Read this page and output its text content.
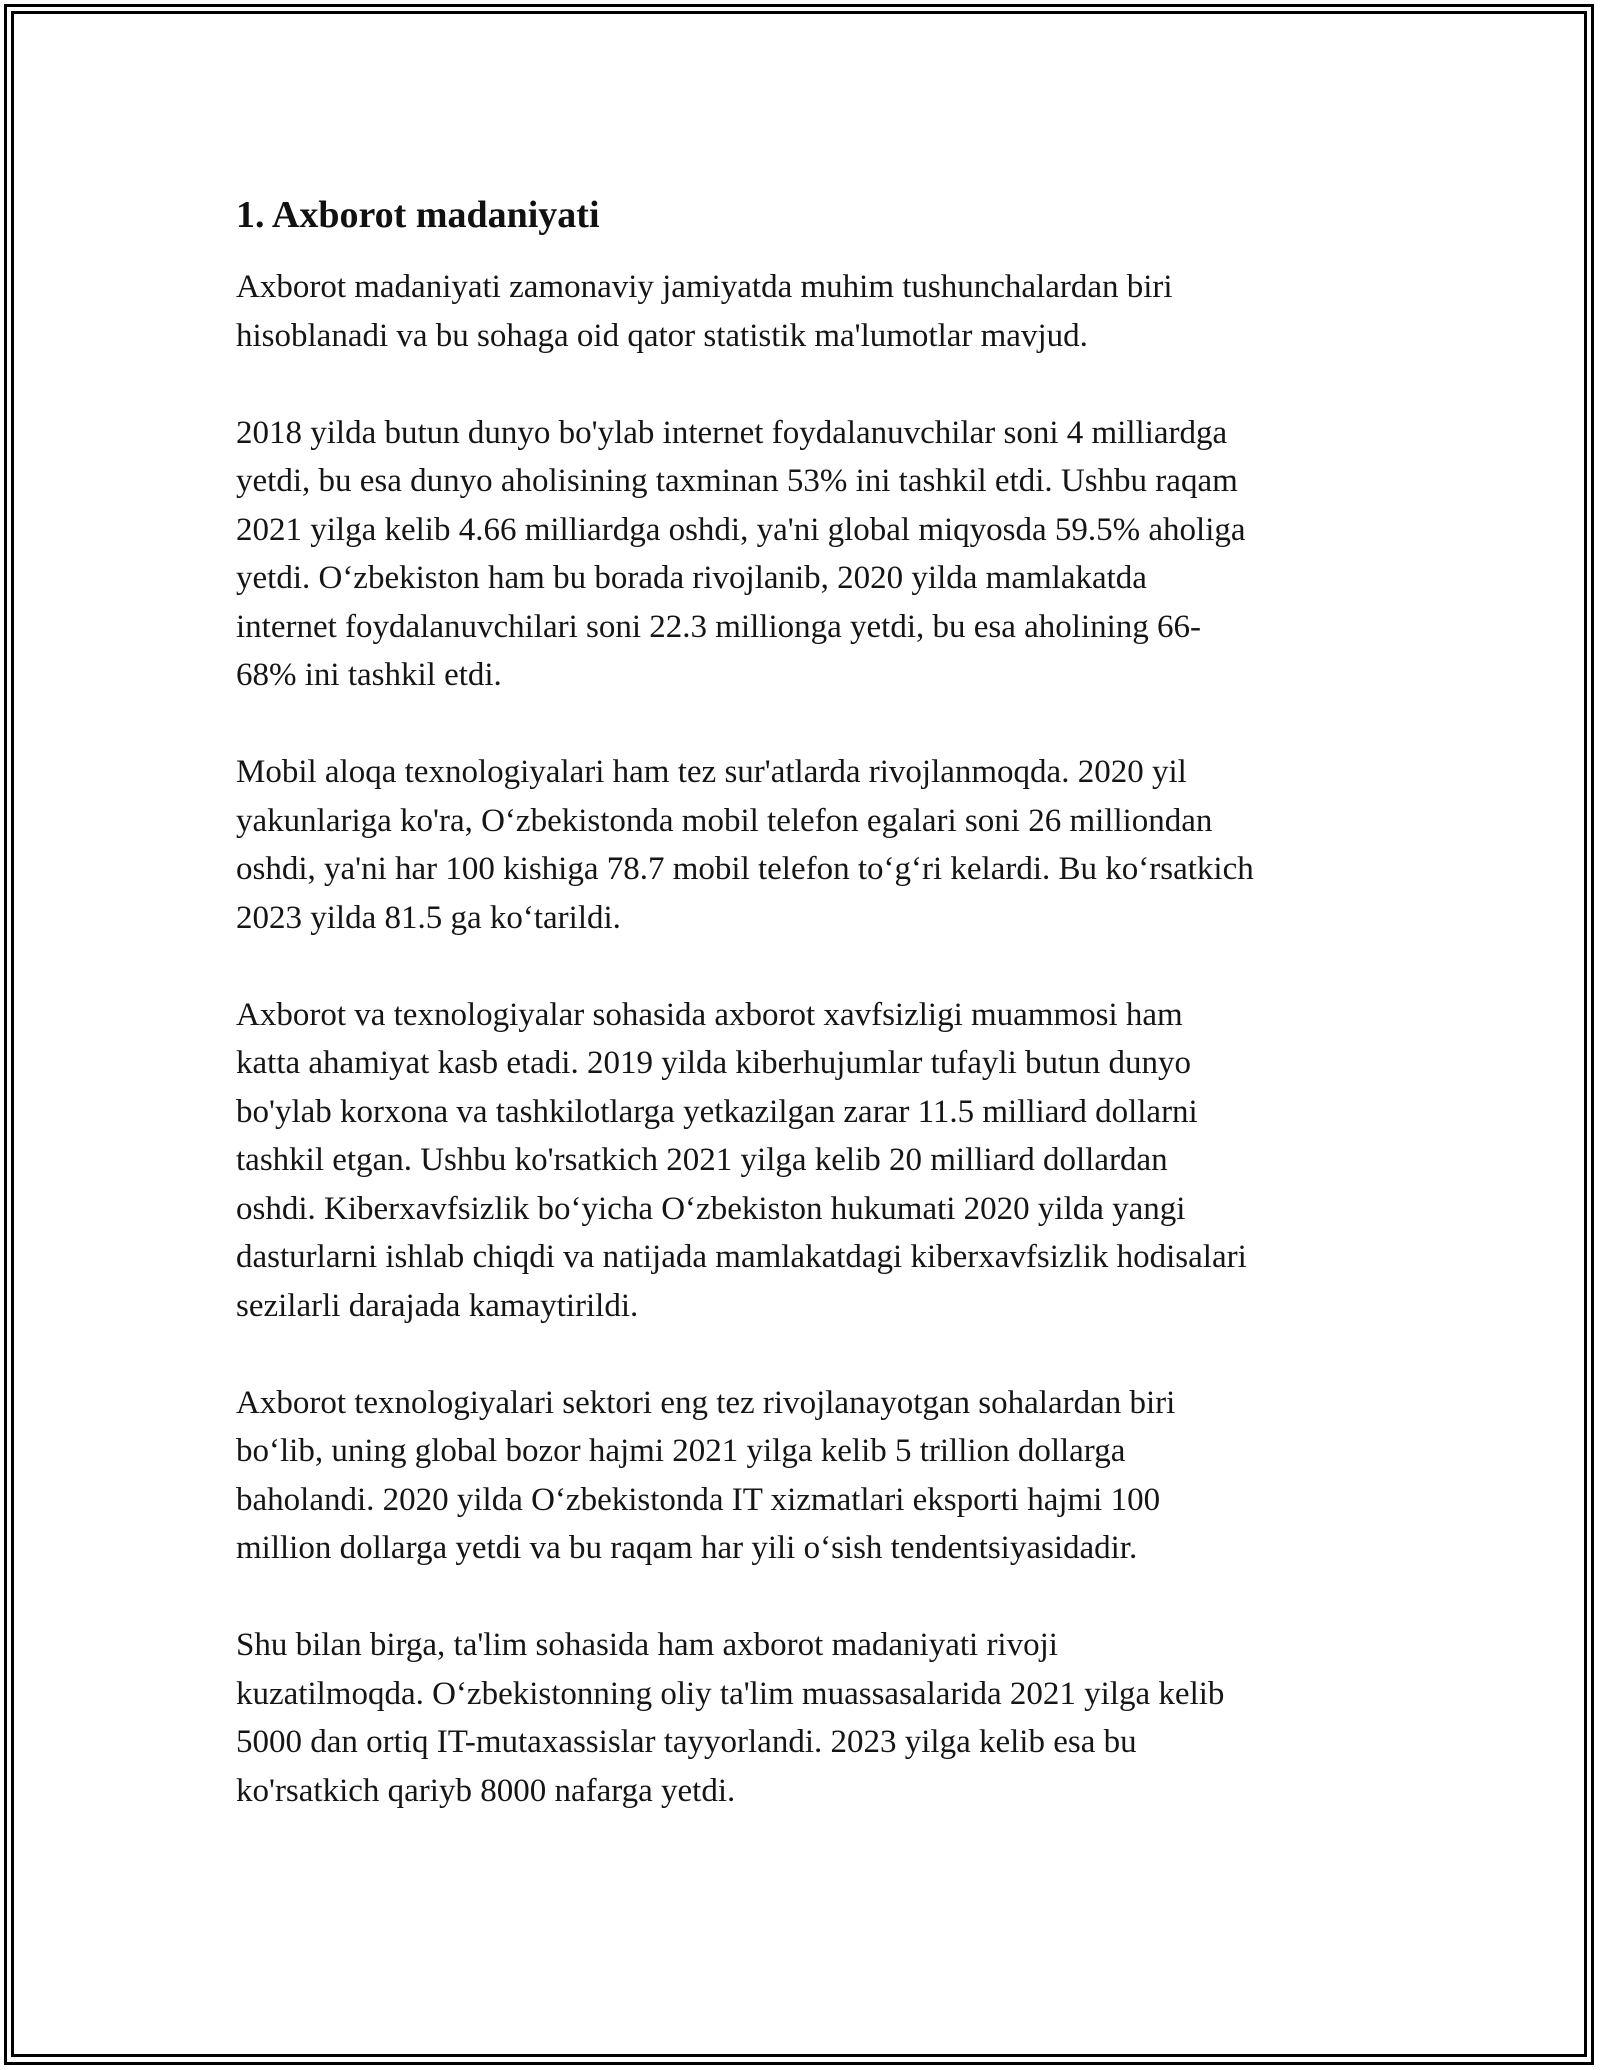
1. Axborot madaniyati

Axborot madaniyati zamonaviy jamiyatda muhim tushunchalardan biri
hisoblanadi va bu sohaga oid qator statistik ma'lumotlar mavjud.

2018 yilda butun dunyo bo'ylab internet foydalanuvchilar soni 4 milliardga
yetdi, bu esa dunyo aholisining taxminan 53% ini tashkil etdi. Ushbu raqam
2021 yilga kelib 4.66 milliardga oshdi, ya'ni global miqyosda 59.5% aholiga
yetdi. O‘zbekiston ham bu borada rivojlanib, 2020 yilda mamlakatda
internet foydalanuvchilari soni 22.3 millionga yetdi, bu esa aholining 66-
68% ini tashkil etdi.

Mobil aloqa texnologiyalari ham tez sur'atlarda rivojlanmoqda. 2020 yil
yakunlariga ko'ra, O‘zbekistonda mobil telefon egalari soni 26 milliondan
oshdi, ya'ni har 100 kishiga 78.7 mobil telefon to‘g‘ri kelardi. Bu ko‘rsatkich
2023 yilda 81.5 ga ko‘tarildi.

Axborot va texnologiyalar sohasida axborot xavfsizligi muammosi ham
katta ahamiyat kasb etadi. 2019 yilda kiberhujumlar tufayli butun dunyo
bo'ylab korxona va tashkilotlarga yetkazilgan zarar 11.5 milliard dollarni
tashkil etgan. Ushbu ko'rsatkich 2021 yilga kelib 20 milliard dollardan
oshdi. Kiberxavfsizlik bo‘yicha O‘zbekiston hukumati 2020 yilda yangi
dasturlarni ishlab chiqdi va natijada mamlakatdagi kiberxavfsizlik hodisalari
sezilarli darajada kamaytirildi.

Axborot texnologiyalari sektori eng tez rivojlanayotgan sohalardan biri
bo‘lib, uning global bozor hajmi 2021 yilga kelib 5 trillion dollarga
baholandi. 2020 yilda O‘zbekistonda IT xizmatlari eksporti hajmi 100
million dollarga yetdi va bu raqam har yili o‘sish tendentsiyasidadir.

Shu bilan birga, ta'lim sohasida ham axborot madaniyati rivoji
kuzatilmoqda. O‘zbekistonning oliy ta'lim muassasalarida 2021 yilga kelib
5000 dan ortiq IT-mutaxassislar tayyorlandi. 2023 yilga kelib esa bu
ko'rsatkich qariyb 8000 nafarga yetdi.
